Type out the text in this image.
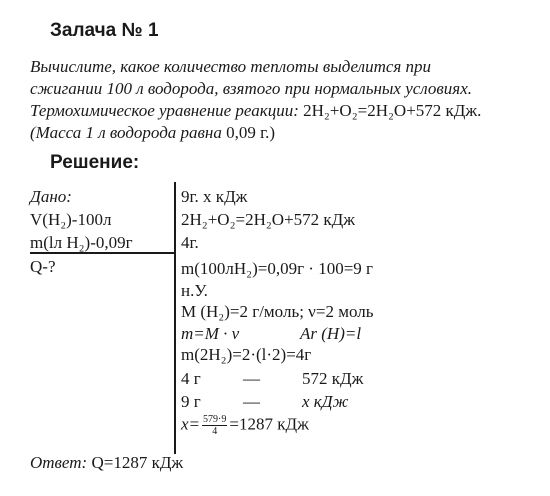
Залача № 1
Вычислите, какое количество теплоты выделится при
сжигании 100 л водорода, взятого при нормальных условиях.
Термохимическое уравнение реакции: 2H₂+O₂=2H₂O+572 кДж.
(Масса 1 л водорода равна 0,09 г.)
Решение:
Дано:
V(H₂)-100л
m(lл H₂)-0,09г
Q-?
9г. x кДж
2H₂+O₂=2H₂O+572 кДж
4г.
m(100лH₂)=0,09г · 100=9 г
н.У.
M (H₂)=2 г/моль; ν=2 моль
m=M · ν	Ar (H)=l
m(2H₂)=2·(l·2)=4г
4 г — 572 кДж
9 г — x кДж
$x= \frac{579\cdot 9}{4} =1287$ кДж
Ответ: Q=1287 кДж
